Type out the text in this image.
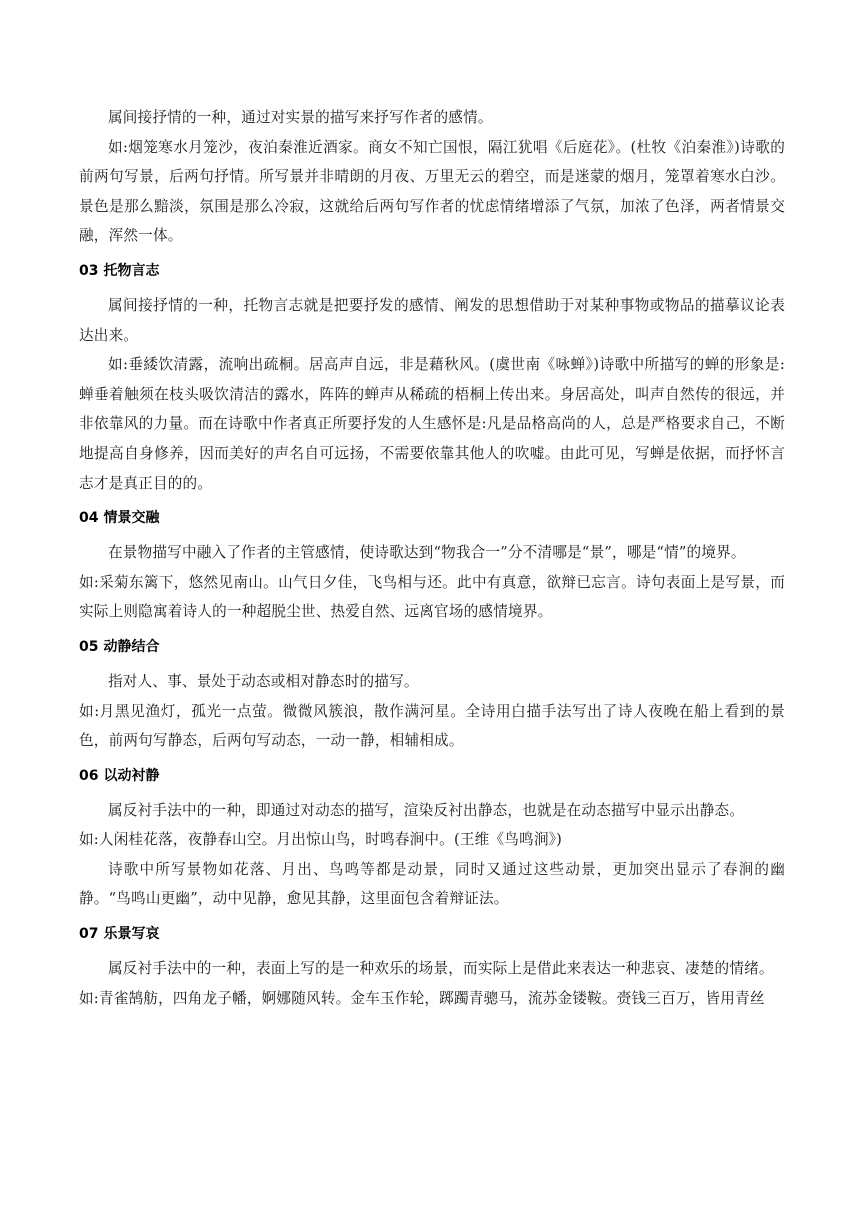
属间接抒情的一种，通过对实景的描写来抒写作者的感情。

如:烟笼寒水月笼沙，夜泊秦淮近酒家。商女不知亡国恨，隔江犹唱《后庭花》。(杜牧《泊秦淮》)诗歌的前两句写景，后两句抒情。所写景并非晴朗的月夜、万里无云的碧空，而是迷蒙的烟月，笼罩着寒水白沙。景色是那么黯淡，氛围是那么冷寂，这就给后两句写作者的忧虑情绪增添了气氛，加浓了色泽，两者情景交融，浑然一体。

03 托物言志

属间接抒情的一种，托物言志就是把要抒发的感情、阐发的思想借助于对某种事物或物品的描摹议论表达出来。

如:垂緌饮清露，流响出疏桐。居高声自远，非是藉秋风。(虞世南《咏蝉》)诗歌中所描写的蝉的形象是:蝉垂着触须在枝头吸饮清洁的露水，阵阵的蝉声从稀疏的梧桐上传出来。身居高处，叫声自然传的很远，并非依靠风的力量。而在诗歌中作者真正所要抒发的人生感怀是:凡是品格高尚的人，总是严格要求自己，不断地提高自身修养，因而美好的声名自可远扬，不需要依靠其他人的吹嘘。由此可见，写蝉是依据，而抒怀言志才是真正目的的。

04 情景交融

在景物描写中融入了作者的主管感情，使诗歌达到“物我合一”分不清哪是“景”，哪是“情”的境界。

如:采菊东篱下，悠然见南山。山气日夕佳，飞鸟相与还。此中有真意，欲辩已忘言。诗句表面上是写景，而实际上则隐寓着诗人的一种超脱尘世、热爱自然、远离官场的感情境界。

05 动静结合

指对人、事、景处于动态或相对静态时的描写。

如:月黑见渔灯，孤光一点萤。微微风簇浪，散作满河星。全诗用白描手法写出了诗人夜晚在船上看到的景色，前两句写静态，后两句写动态，一动一静，相辅相成。

06 以动衬静

属反衬手法中的一种，即通过对动态的描写，渲染反衬出静态，也就是在动态描写中显示出静态。

如:人闲桂花落，夜静春山空。月出惊山鸟，时鸣春涧中。(王维《鸟鸣涧》)

诗歌中所写景物如花落、月出、鸟鸣等都是动景，同时又通过这些动景，更加突出显示了春涧的幽静。“鸟鸣山更幽”，动中见静，愈见其静，这里面包含着辩证法。

07 乐景写哀

属反衬手法中的一种，表面上写的是一种欢乐的场景，而实际上是借此来表达一种悲哀、凄楚的情绪。

如:青雀鹄舫，四角龙子幡，婀娜随风转。金车玉作轮，踯躅青骢马，流苏金镂鞍。赍钱三百万，皆用青丝
